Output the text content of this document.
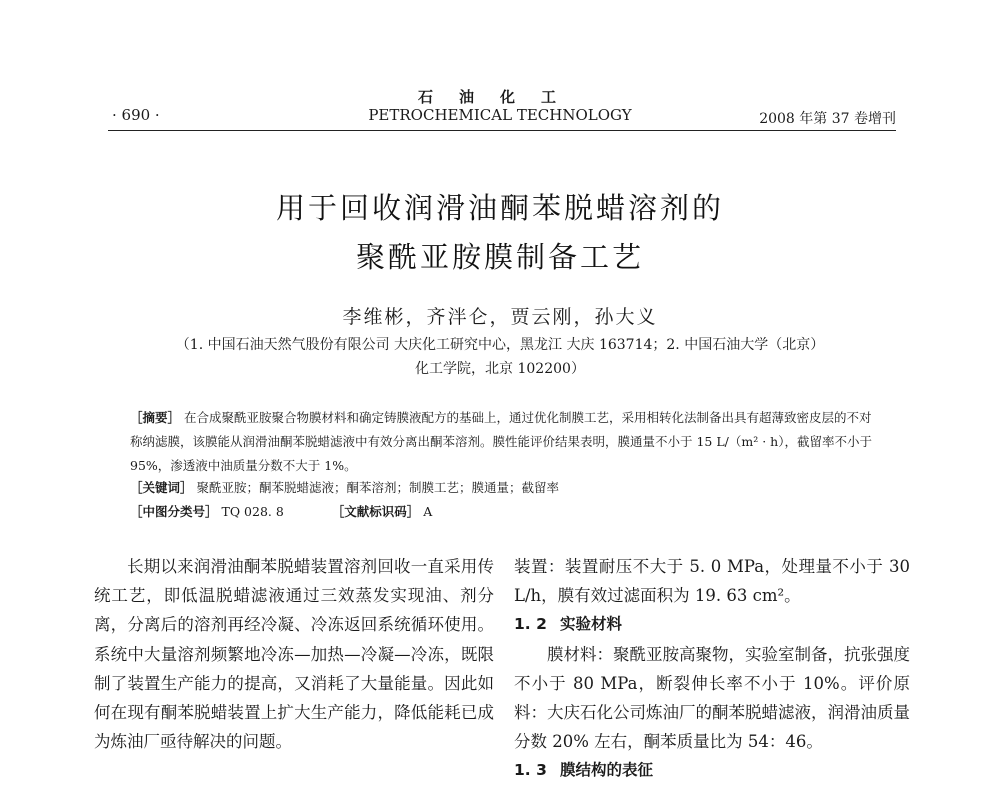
石油化工
· 690 ·	PETROCHEMICAL TECHNOLOGY	2008 年第 37 卷增刊
用于回收润滑油酮苯脱蜡溶剂的
聚酰亚胺膜制备工艺
李维彬，齐泮仑，贾云刚，孙大义
（1. 中国石油天然气股份有限公司 大庆化工研究中心，黑龙江 大庆 163714；2. 中国石油大学（北京）
化工学院，北京 102200）
［摘要］ 在合成聚酰亚胺聚合物膜材料和确定铸膜液配方的基础上，通过优化制膜工艺，采用相转化法制备出具有超薄致密皮层的不对称纳滤膜，该膜能从润滑油酮苯脱蜡滤液中有效分离出酮苯溶剂。膜性能评价结果表明，膜通量不小于 15 L/（m² · h），截留率不小于 95%，渗透液中油质量分数不大于 1%。
［关键词］ 聚酰亚胺；酮苯脱蜡滤液；酮苯溶剂；制膜工艺；膜通量；截留率
［中图分类号］ TQ 028. 8	［文献标识码］ A
长期以来润滑油酮苯脱蜡装置溶剂回收一直采用传统工艺，即低温脱蜡滤液通过三效蒸发实现油、剂分离，分离后的溶剂再经冷凝、冷冻返回系统循环使用。系统中大量溶剂频繁地冷冻—加热—冷凝—冷冻，既限制了装置生产能力的提高，又消耗了大量能量。因此如何在现有酮苯脱蜡装置上扩大生产能力，降低能耗已成为炼油厂亟待解决的问题。

装置：装置耐压不大于 5. 0 MPa，处理量不小于 30 L/h，膜有效过滤面积为 19. 63 cm²。

1. 2 实验材料

膜材料：聚酰亚胺高聚物，实验室制备，抗张强度不小于 80 MPa，断裂伸长率不小于 10%。评价原料：大庆石化公司炼油厂的酮苯脱蜡滤液，润滑油质量分数 20% 左右，酮苯质量比为 54：46。

1. 3 膜结构的表征
